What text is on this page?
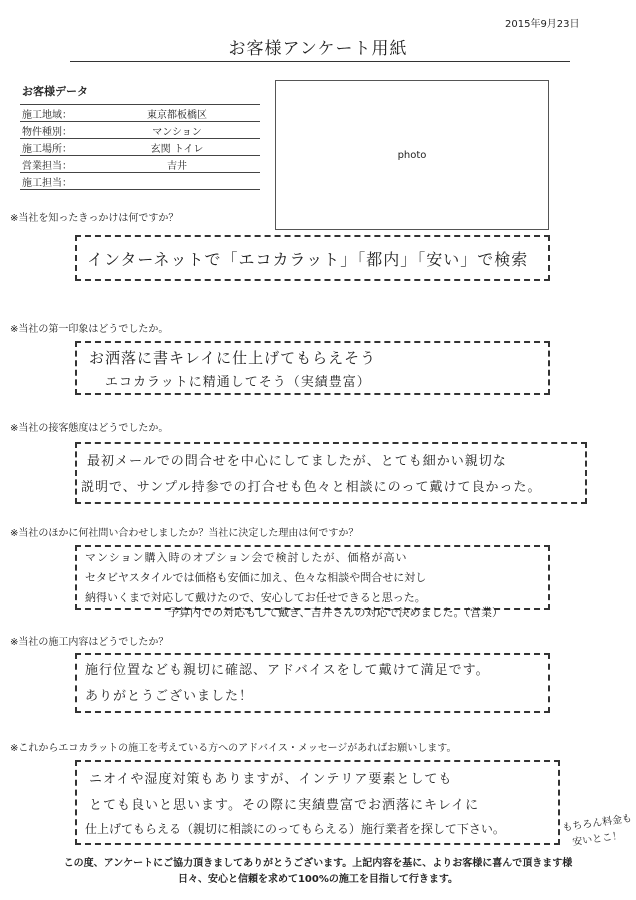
2015年9月23日
お客様アンケート用紙
お客様データ
施工地域：	東京都板橋区
物件種別：	マンション
施工場所：	玄関 トイレ
営業担当：	吉井
施工担当：	
photo
※当社を知ったきっかけは何ですか？
インターネットで「エコカラット」「都内」「安い」で検索
※当社の第一印象はどうでしたか。
お洒落に書キレイに仕上げてもらえそう
エコカラットに精通してそう（実績豊富）
※当社の接客態度はどうでしたか。
最初メールでの問合せを中心にしてましたが、とても細かい親切な
説明で、サンプル持参での打合せも色々と相談にのって戴けて良かった。
※当社のほかに何社問い合わせしましたか？当社に決定した理由は何ですか？
マンション購入時のオプション会で検討したが、価格が高い
セタビヤスタイルでは価格も安価に加え、色々な相談や問合せに対し
納得いくまで対応して戴けたので、安心してお任せできると思った。
予算内での対応もして戴き、吉井さんの対応で決めました。（営業）
※当社の施工内容はどうでしたか？
施行位置なども親切に確認、アドバイスをして戴けて満足です。
ありがとうございました！
※これからエコカラットの施工を考えている方へのアドバイス・メッセージがあればお願いします。
ニオイや湿度対策もありますが、インテリア要素としても
とても良いと思います。その際に実績豊富でお洒落にキレイに
仕上げてもらえる（親切に相談にのってもらえる）施行業者を探して下さい。	もちろん料金も
安いとこ！
この度、アンケートにご協力頂きましてありがとうございます。上記内容を基に、よりお客様に喜んで頂きます様
日々、安心と信頼を求めて100%の施工を目指して行きます。
